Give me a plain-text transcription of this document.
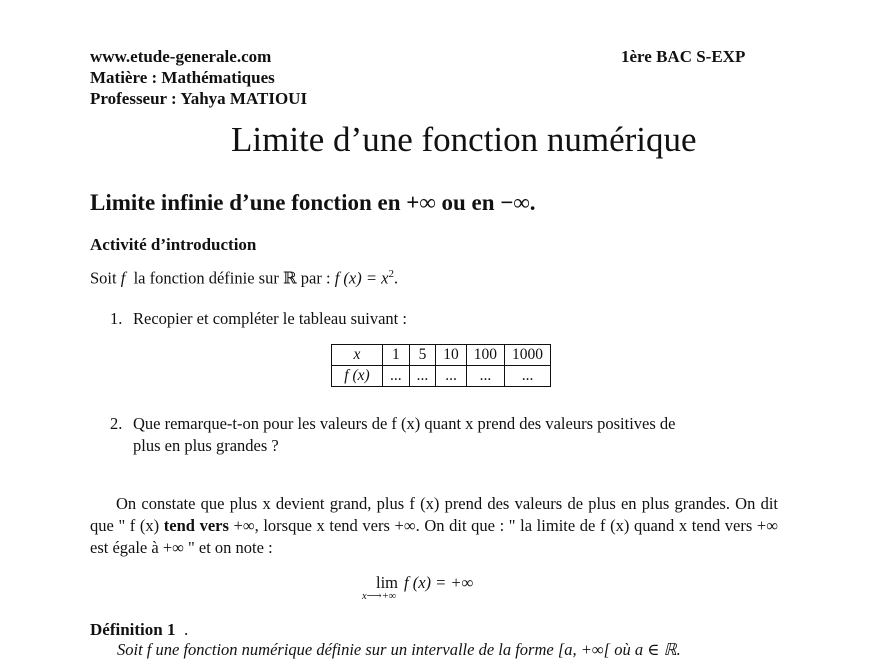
www.etude-generale.com
Matière : Mathématiques
Professeur : Yahya MATIOUI
1ère BAC S-EXP
Limite d’une fonction numérique
Limite infinie d’une fonction en +∞ ou en −∞.
Activité d’introduction
Soit f la fonction définie sur ℝ par : f $(x) = x^2$.
1. Recopier et compléter le tableau suivant :
x	1	5	10	100	1000
f (x)	...	...	...	...	...
2. Que remarque-t-on pour les valeurs de f (x) quant x prend des valeurs positives de
plus en plus grandes ?
On constate que plus x devient grand, plus f (x) prend des valeurs de plus en plus grandes. On dit que " f (x) tend vers +∞, lorsque x tend vers +∞. On dit que : " la limite de f (x) quand x tend vers +∞ est égale à +∞ " et on note :
lim
x⟶+∞
f (x) = +∞
Définition 1 .
Soit f une fonction numérique définie sur un intervalle de la forme [a, +∞[ où a ∈ ℝ.
